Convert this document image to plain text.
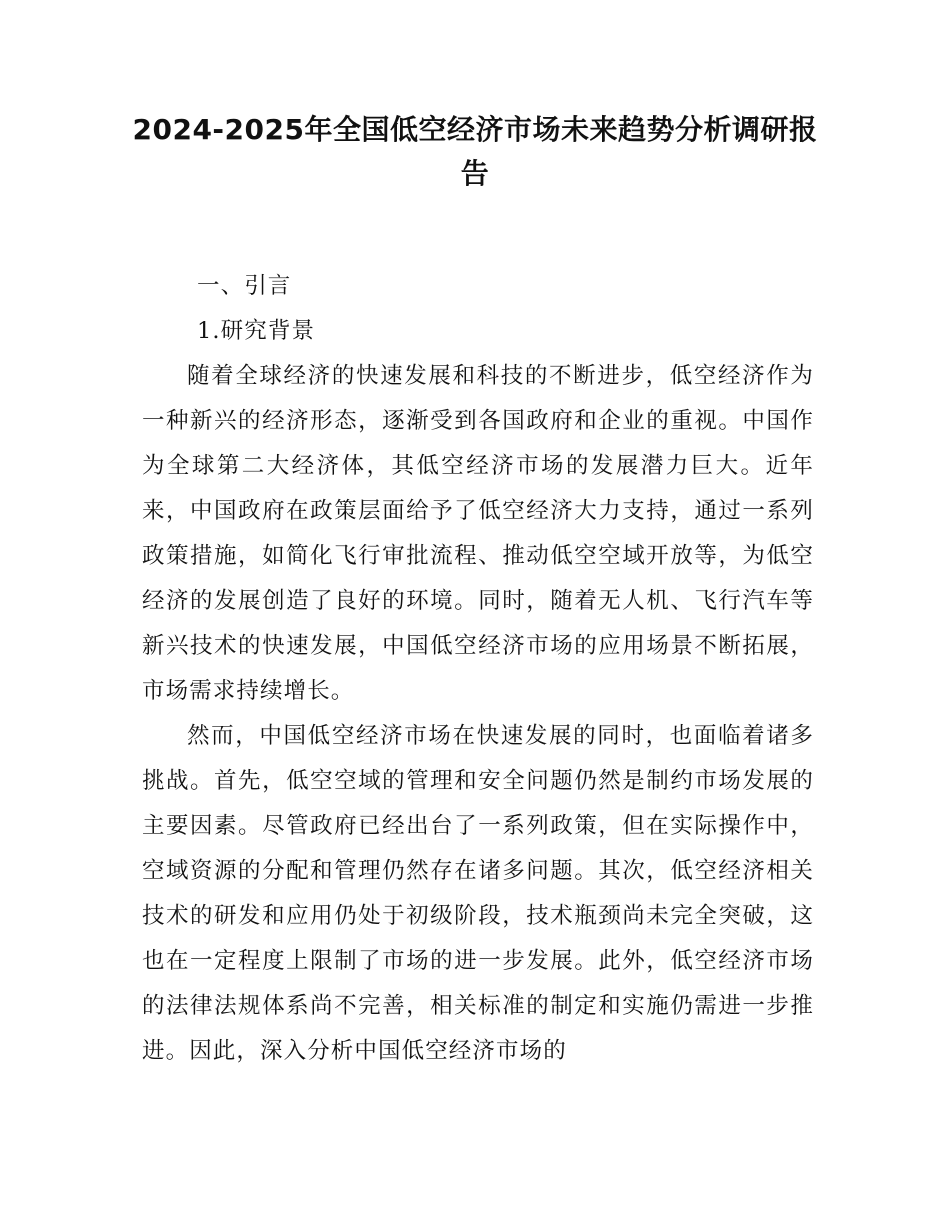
2024-2025年全国低空经济市场未来趋势分析调研报告
一、引言
1.研究背景

随着全球经济的快速发展和科技的不断进步，低空经济作为一种新兴的经济形态，逐渐受到各国政府和企业的重视。中国作为全球第二大经济体，其低空经济市场的发展潜力巨大。近年来，中国政府在政策层面给予了低空经济大力支持，通过一系列政策措施，如简化飞行审批流程、推动低空空域开放等，为低空经济的发展创造了良好的环境。同时，随着无人机、飞行汽车等新兴技术的快速发展，中国低空经济市场的应用场景不断拓展，市场需求持续增长。

然而，中国低空经济市场在快速发展的同时，也面临着诸多挑战。首先，低空空域的管理和安全问题仍然是制约市场发展的主要因素。尽管政府已经出台了一系列政策，但在实际操作中，空域资源的分配和管理仍然存在诸多问题。其次，低空经济相关技术的研发和应用仍处于初级阶段，技术瓶颈尚未完全突破，这也在一定程度上限制了市场的进一步发展。此外，低空经济市场的法律法规体系尚不完善，相关标准的制定和实施仍需进一步推进。因此，深入分析中国低空经济市场的
